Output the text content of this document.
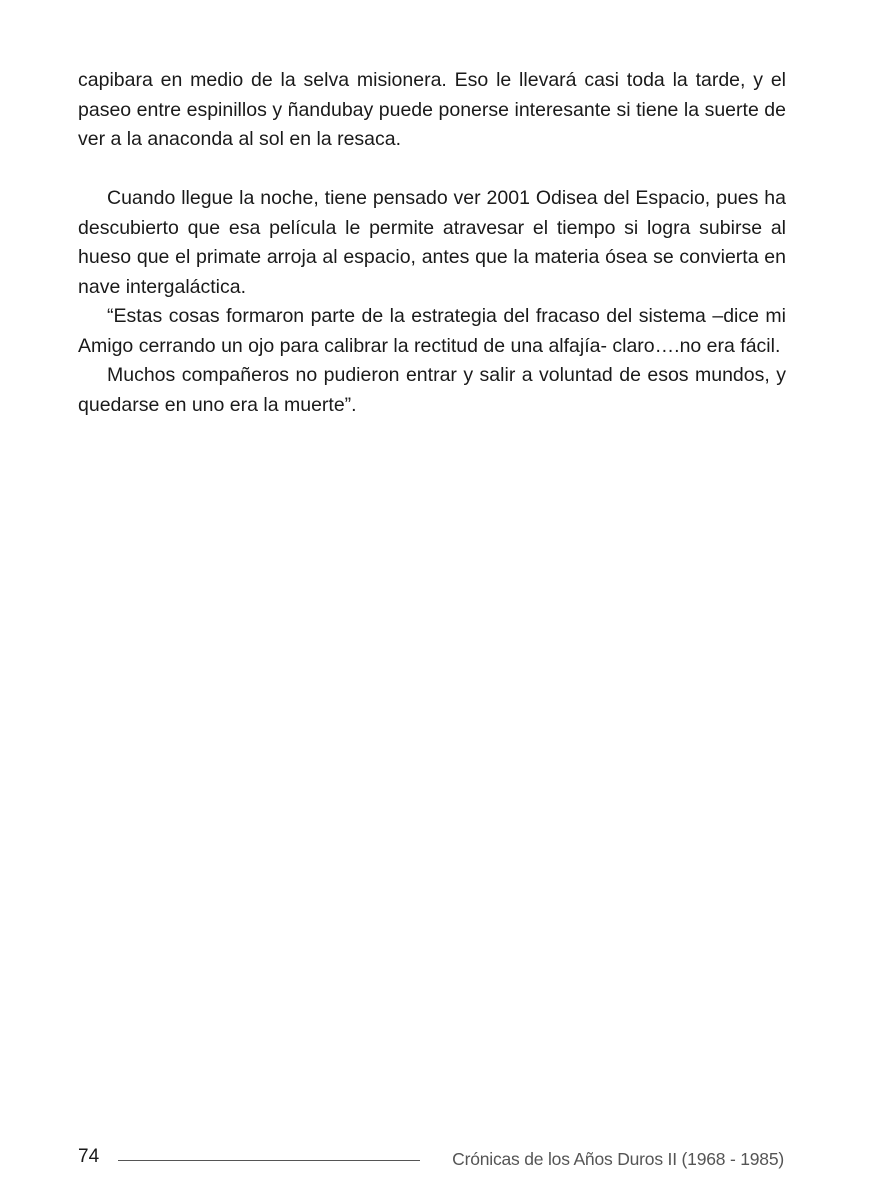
capibara en medio de la selva misionera. Eso le llevará casi toda la tarde, y el paseo entre espinillos y ñandubay puede ponerse interesante si tiene la suerte de ver a la anaconda al sol en la resaca.

Cuando llegue la noche, tiene pensado ver 2001 Odisea del Espacio, pues ha descubierto que esa película le permite atravesar el tiempo si logra subirse al hueso que el primate arroja al espacio, antes que la materia ósea se convierta en nave intergaláctica.

“Estas cosas formaron parte de la estrategia del fracaso del sistema –dice mi Amigo cerrando un ojo para calibrar la rectitud de una alfajía- claro….no era fácil.

Muchos compañeros no pudieron entrar y salir a voluntad de esos mundos, y quedarse en uno era la muerte”.

74	Crónicas de los Años Duros II (1968 - 1985)
